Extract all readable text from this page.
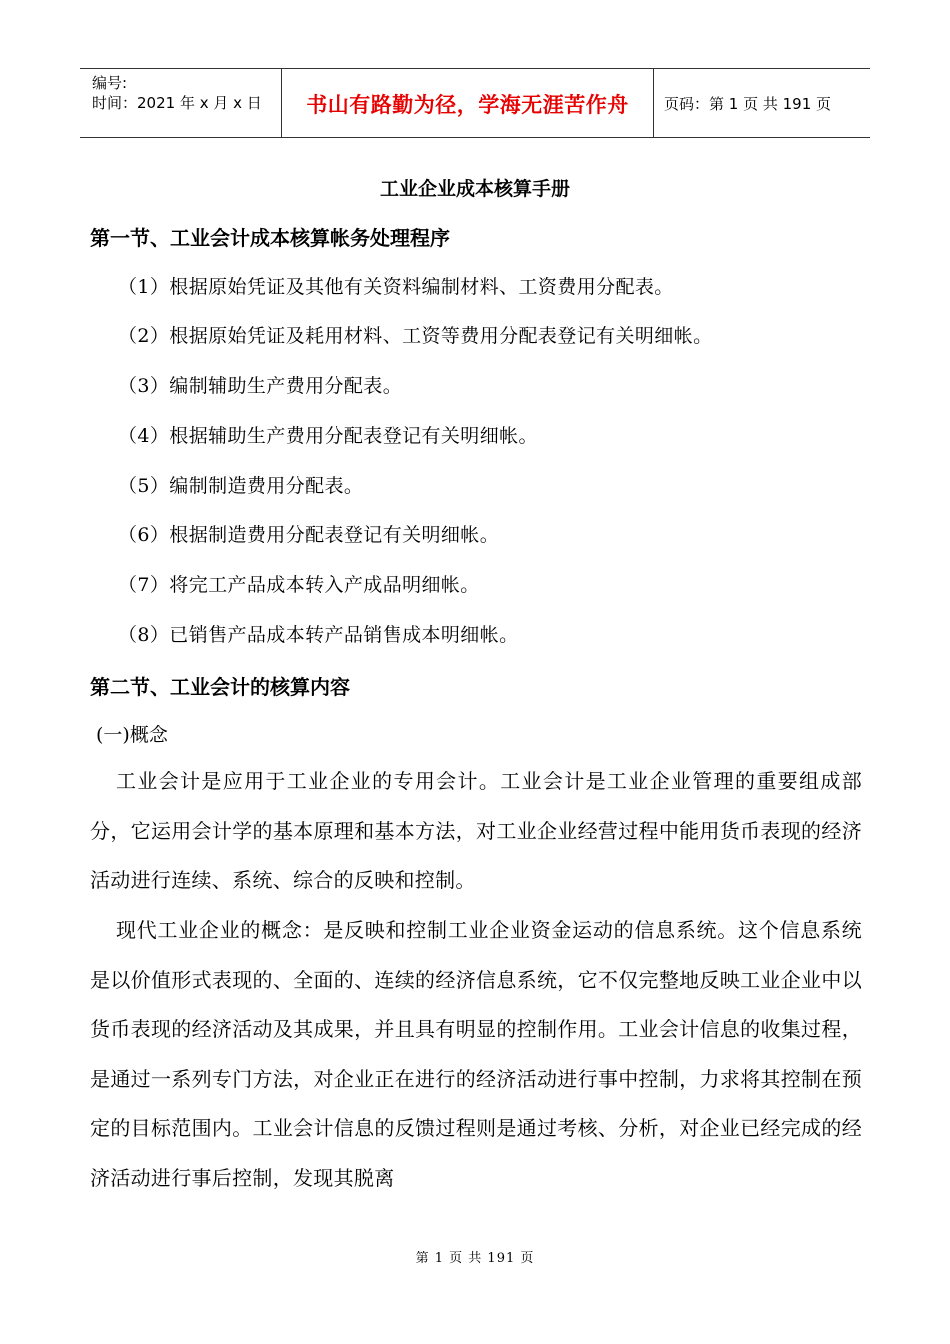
编号:
时间：2021 年 x 月 x 日	书山有路勤为径，学海无涯苦作舟	页码：第 1 页 共 191 页
工业企业成本核算手册
第一节、工业会计成本核算帐务处理程序
（1）根据原始凭证及其他有关资料编制材料、工资费用分配表。
（2）根据原始凭证及耗用材料、工资等费用分配表登记有关明细帐。
（3）编制辅助生产费用分配表。
（4）根据辅助生产费用分配表登记有关明细帐。
（5）编制制造费用分配表。
（6）根据制造费用分配表登记有关明细帐。
（7）将完工产品成本转入产成品明细帐。
（8）已销售产品成本转产品销售成本明细帐。
第二节、工业会计的核算内容
(一)概念
工业会计是应用于工业企业的专用会计。工业会计是工业企业管理的重要组成部分，它运用会计学的基本原理和基本方法，对工业企业经营过程中能用货币表现的经济活动进行连续、系统、综合的反映和控制。
现代工业企业的概念：是反映和控制工业企业资金运动的信息系统。这个信息系统是以价值形式表现的、全面的、连续的经济信息系统，它不仅完整地反映工业企业中以货币表现的经济活动及其成果，并且具有明显的控制作用。工业会计信息的收集过程，是通过一系列专门方法，对企业正在进行的经济活动进行事中控制，力求将其控制在预定的目标范围内。工业会计信息的反馈过程则是通过考核、分析，对企业已经完成的经济活动进行事后控制，发现其脱离
第 1 页 共 191 页
